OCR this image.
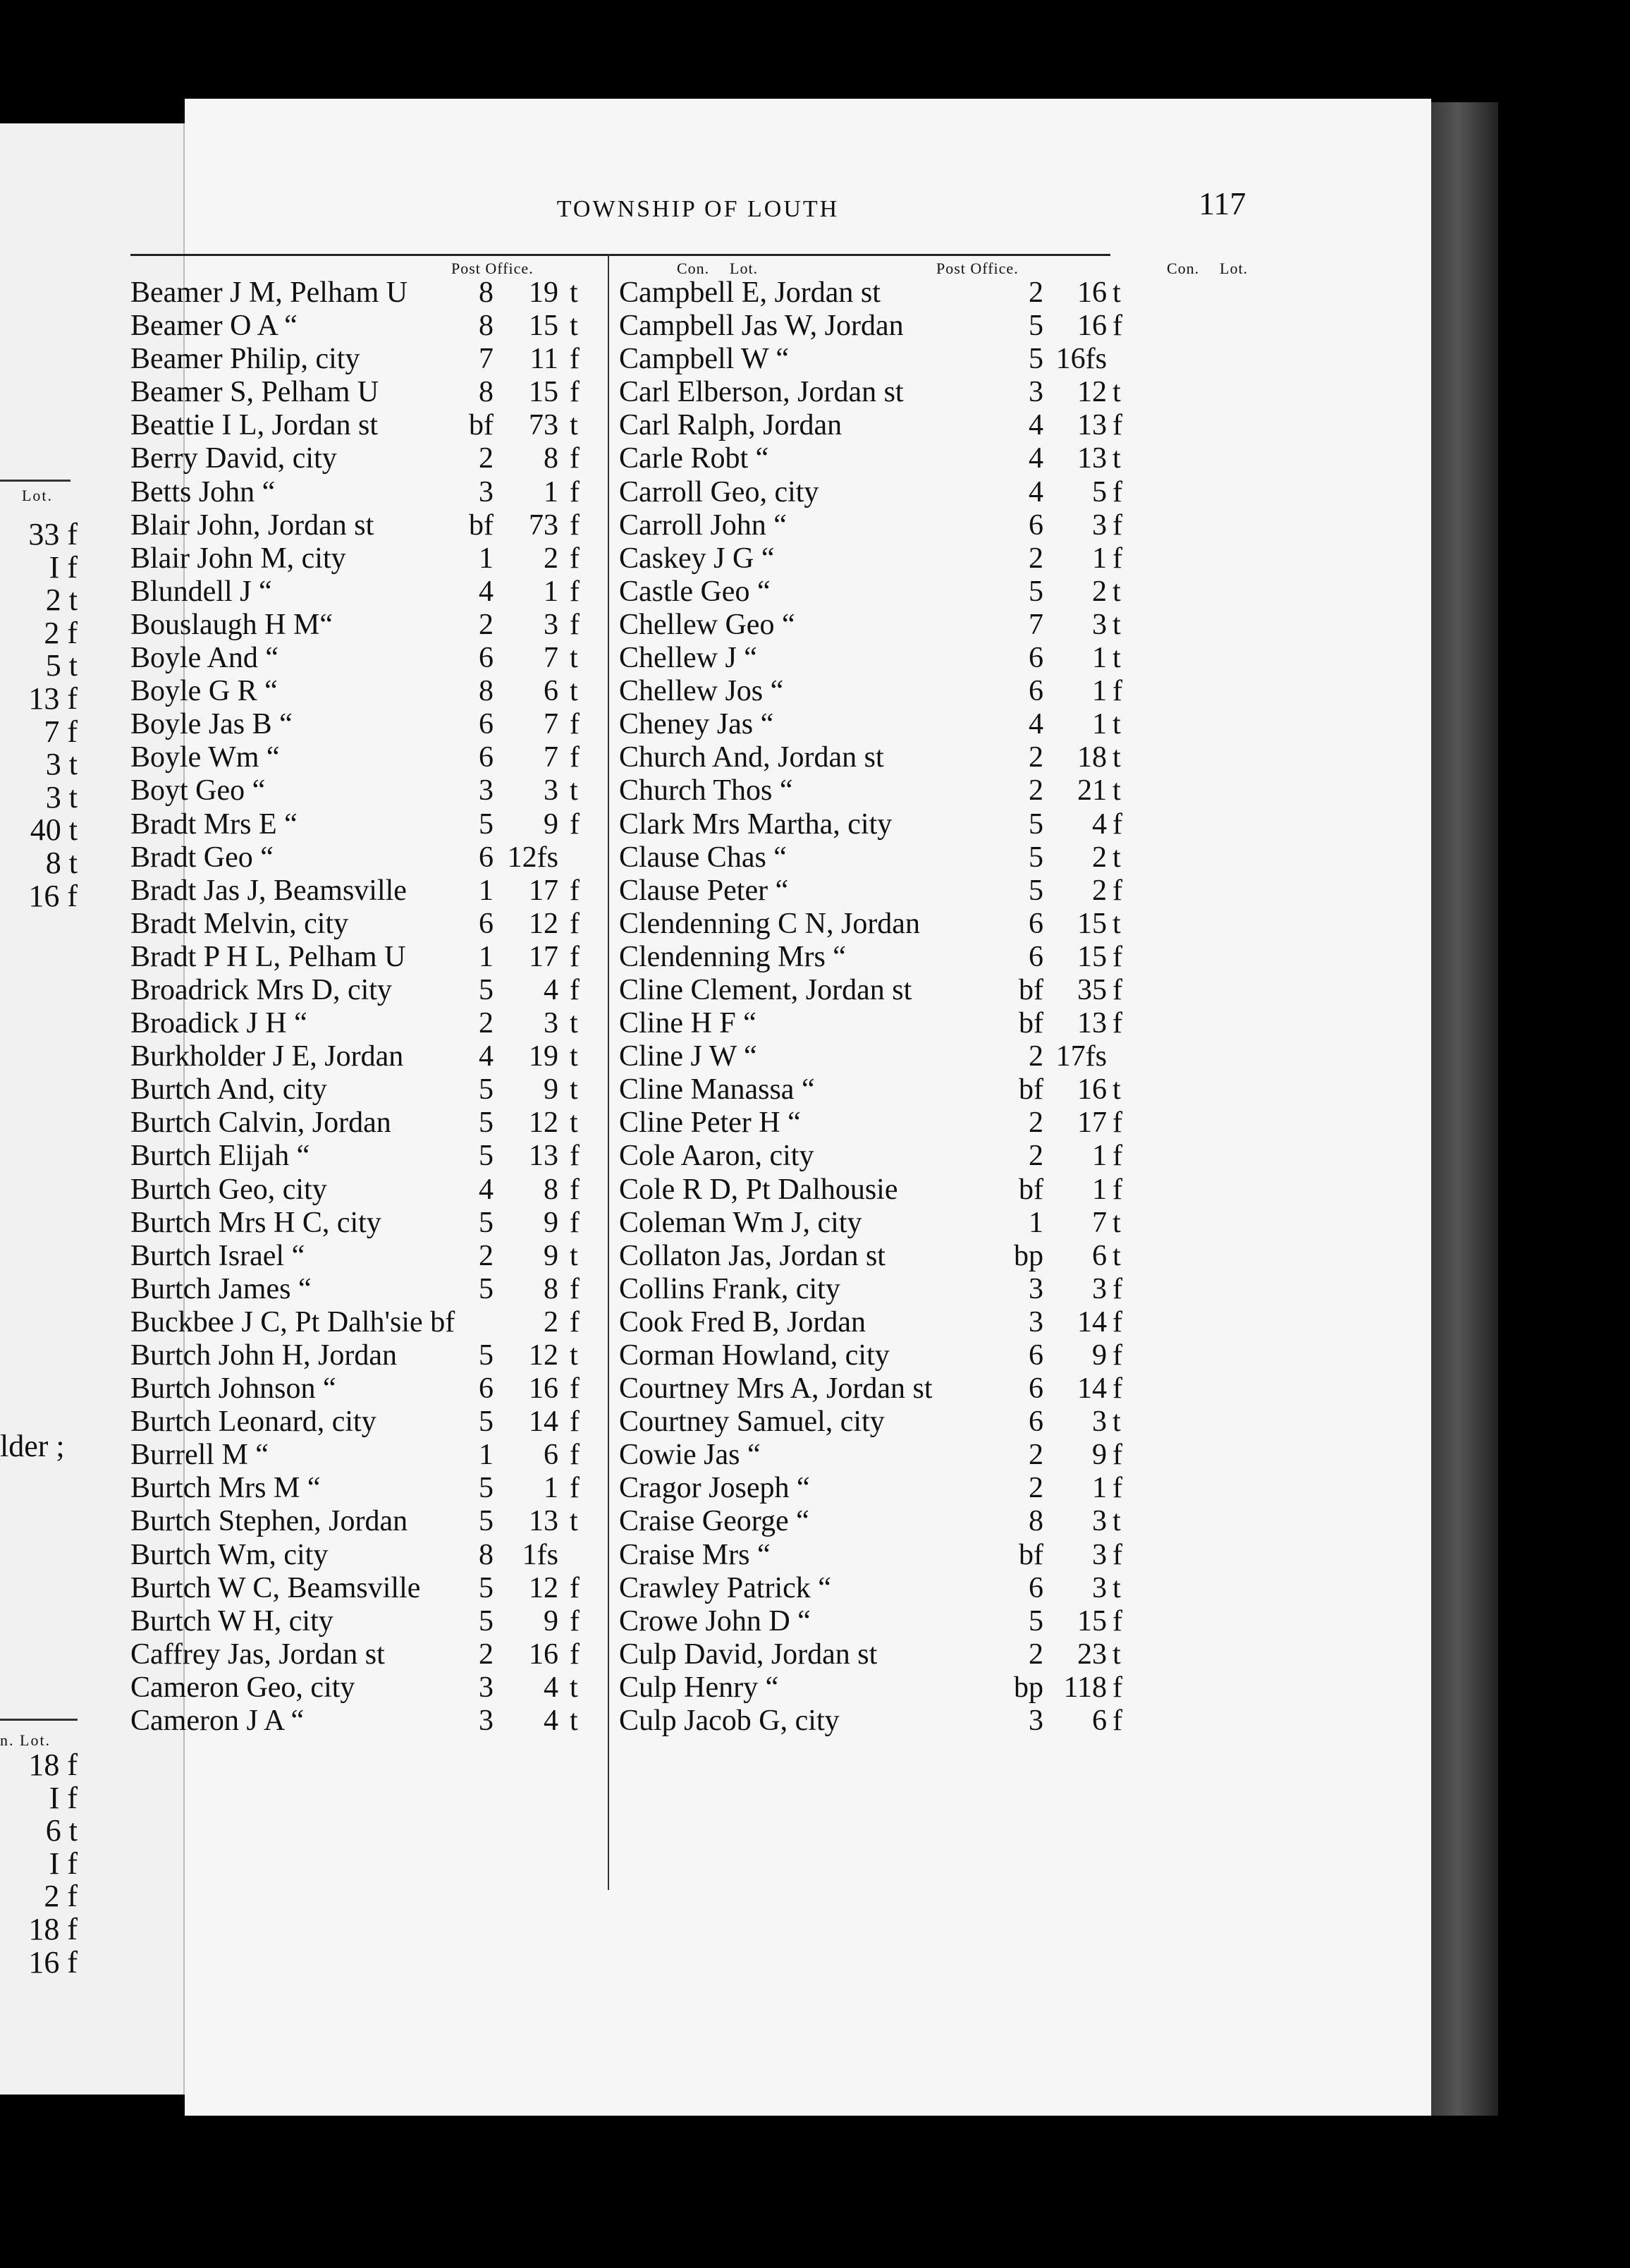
Lot.
33 f
I f
2 t
2 f
5 t
13 f
7 f
3 t
3 t
40 t
8 t
16 f
lder ;
n. Lot.
18 f
I f
6 t
I f
2 f
18 f
16 f
TOWNSHIP OF LOUTH	117
Post Office.	Con. Lot.	Post Office.	Con. Lot.
Beamer J M, Pelham U	8	19 t
Beamer O A “	8	15 t
Beamer Philip, city	7	11 f
Beamer S, Pelham U	8	15 f
Beattie I L, Jordan st	bf	73 t
Berry David, city	2	8 f
Betts John “	3	1 f
Blair John, Jordan st	bf	73 f
Blair John M, city	1	2 f
Blundell J “	4	1 f
Bouslaugh H M“	2	3 f
Boyle And “	6	7 t
Boyle G R “	8	6 t
Boyle Jas B “	6	7 f
Boyle Wm “	6	7 f
Boyt Geo “	3	3 t
Bradt Mrs E “	5	9 f
Bradt Geo “	6 12fs
Bradt Jas J, Beamsville	1	17 f
Bradt Melvin, city	6	12 f
Bradt P H L, Pelham U	1	17 f
Broadrick Mrs D, city	5	4 f
Broadick J H “	2	3 t
Burkholder J E, Jordan	4	19 t
Burtch And, city	5	9 t
Burtch Calvin, Jordan	5	12 t
Burtch Elijah “	5	13 f
Burtch Geo, city	4	8 f
Burtch Mrs H C, city	5	9 f
Burtch Israel “	2	9 t
Burtch James “	5	8 f
Buckbee J C, Pt Dalh'sie bf	2 f
Burtch John H, Jordan	5	12 t
Burtch Johnson “	6	16 f
Burtch Leonard, city	5	14 f
Burrell M “	1	6 f
Burtch Mrs M “	5	1 f
Burtch Stephen, Jordan	5	13 t
Burtch Wm, city	8 1fs
Burtch W C, Beamsville	5	12 f
Burtch W H, city	5	9 f
Caffrey Jas, Jordan st	2	16 f
Cameron Geo, city	3	4 t
Cameron J A “	3	4 t
Campbell E, Jordan st	2	16 t
Campbell Jas W, Jordan	5	16 f
Campbell W “	5 16fs
Carl Elberson, Jordan st	3	12 t
Carl Ralph, Jordan	4	13 f
Carle Robt “	4	13 t
Carroll Geo, city	4	5 f
Carroll John “	6	3 f
Caskey J G “	2	1 f
Castle Geo “	5	2 t
Chellew Geo “	7	3 t
Chellew J “	6	1 t
Chellew Jos “	6	1 f
Cheney Jas “	4	1 t
Church And, Jordan st	2	18 t
Church Thos “	2	21 t
Clark Mrs Martha, city	5	4 f
Clause Chas “	5	2 t
Clause Peter “	5	2 f
Clendenning C N, Jordan	6	15 t
Clendenning Mrs “	6	15 f
Cline Clement, Jordan st	bf	35 f
Cline H F “	bf	13 f
Cline J W “	2 17fs
Cline Manassa “	bf	16 t
Cline Peter H “	2	17 f
Cole Aaron, city	2	1 f
Cole R D, Pt Dalhousie	bf	1 f
Coleman Wm J, city	1	7 t
Collaton Jas, Jordan st	bp	6 t
Collins Frank, city	3	3 f
Cook Fred B, Jordan	3	14 f
Corman Howland, city	6	9 f
Courtney Mrs A, Jordan st	6	14 f
Courtney Samuel, city	6	3 t
Cowie Jas “	2	9 f
Cragor Joseph “	2	1 f
Craise George “	8	3 t
Craise Mrs “	bf	3 f
Crawley Patrick “	6	3 t
Crowe John D “	5	15 f
Culp David, Jordan st	2	23 t
Culp Henry “	bp 118 f
Culp Jacob G, city	3	6 f
